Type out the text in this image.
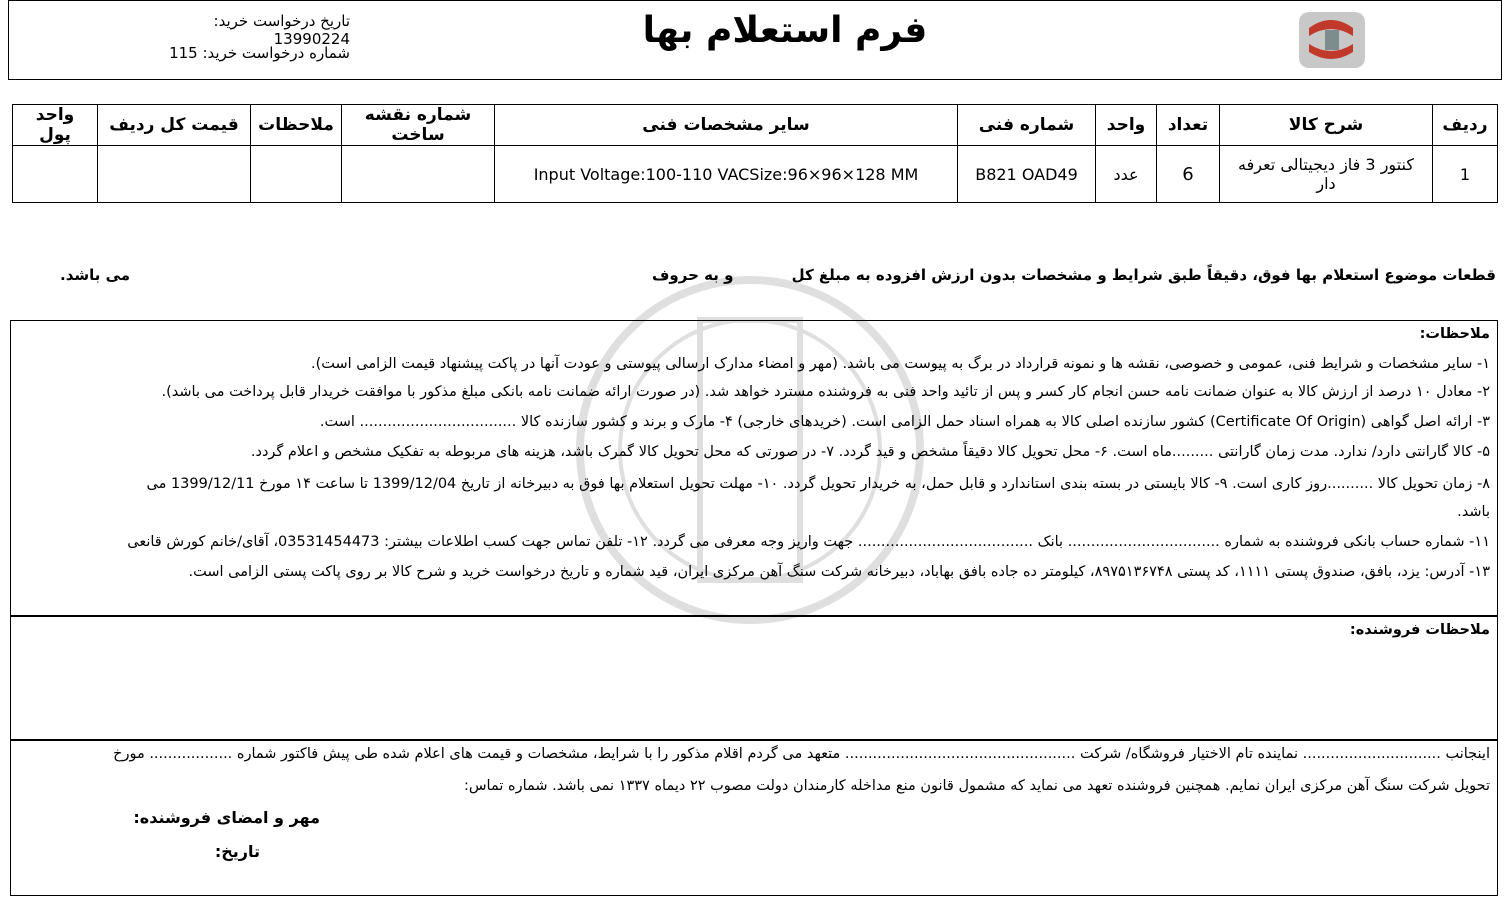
فرم استعلام بها
تاریخ درخواست خرید: 13990224
شماره درخواست خرید: 115
ردیف	شرح کالا	تعداد	واحد	شماره فنی	سایر مشخصات فنی	شماره نقشه ساخت	ملاحظات	قیمت کل ردیف	واحد پول
1	کنتور 3 فاز دیجیتالی تعرفه دار	6	عدد	B821 OAD49	Input Voltage:100-110 VACSize:96×96×128 MM				
قطعات موضوع استعلام بها فوق، دقیقاً طبق شرایط و مشخصات بدون ارزش افزوده به مبلغ کل
و به حروف
می باشد.
ملاحظات:
۱- سایر مشخصات و شرایط فنی، عمومی و خصوصی، نقشه ها و نمونه قرارداد در برگ به پیوست می باشد. (مهر و امضاء مدارک ارسالی پیوستی و عودت آنها در پاکت پیشنهاد قیمت الزامی است).
۲- معادل ۱۰ درصد از ارزش کالا به عنوان ضمانت نامه حسن انجام کار کسر و پس از تائید واحد فنی به فروشنده مسترد خواهد شد. (در صورت ارائه ضمانت نامه بانکی مبلغ مذکور با موافقت خریدار قابل پرداخت می باشد).
۳- ارائه اصل گواهی (Certificate Of Origin) کشور سازنده اصلی کالا به همراه اسناد حمل الزامی است. (خریدهای خارجی) ۴- مارک و برند و کشور سازنده کالا .................................. است.
۵- کالا گارانتی دارد/ ندارد. مدت زمان گارانتی .........ماه است. ۶- محل تحویل کالا دقیقاً مشخص و قید گردد. ۷- در صورتی که محل تحویل کالا گمرک باشد، هزینه های مربوطه به تفکیک مشخص و اعلام گردد.
۸- زمان تحویل کالا ..........روز کاری است. ۹- کالا بایستی در بسته بندی استاندارد و قابل حمل، به خریدار تحویل گردد. ۱۰- مهلت تحویل استعلام بها فوق به دبیرخانه از تاریخ 1399/12/04 تا ساعت ۱۴ مورخ 1399/12/11 می
باشد.
۱۱- شماره حساب بانکی فروشنده به شماره ................................. بانک ...................................... جهت واریز وجه معرفی می گردد. ۱۲- تلفن تماس جهت کسب اطلاعات بیشتر: 03531454473، آقای/خانم کورش قانعی
۱۳- آدرس: یزد، بافق، صندوق پستی ۱۱۱۱، کد پستی ۸۹۷۵۱۳۶۷۴۸، کیلومتر ده جاده بافق بهاباد، دبیرخانه شرکت سنگ آهن مرکزی ایران، قید شماره و تاریخ درخواست خرید و شرح کالا بر روی پاکت پستی الزامی است.
ملاحظات فروشنده:
اینجانب .............................. نماینده تام الاختیار فروشگاه/ شرکت .................................................. متعهد می گردم اقلام مذکور را با شرایط، مشخصات و قیمت های اعلام شده طی پیش فاکتور شماره .................. مورخ
تحویل شرکت سنگ آهن مرکزی ایران نمایم. همچنین فروشنده تعهد می نماید که مشمول قانون منع مداخله کارمندان دولت مصوب ۲۲ دیماه ۱۳۳۷ نمی باشد. شماره تماس:
مهر و امضای فروشنده:
تاریخ:
